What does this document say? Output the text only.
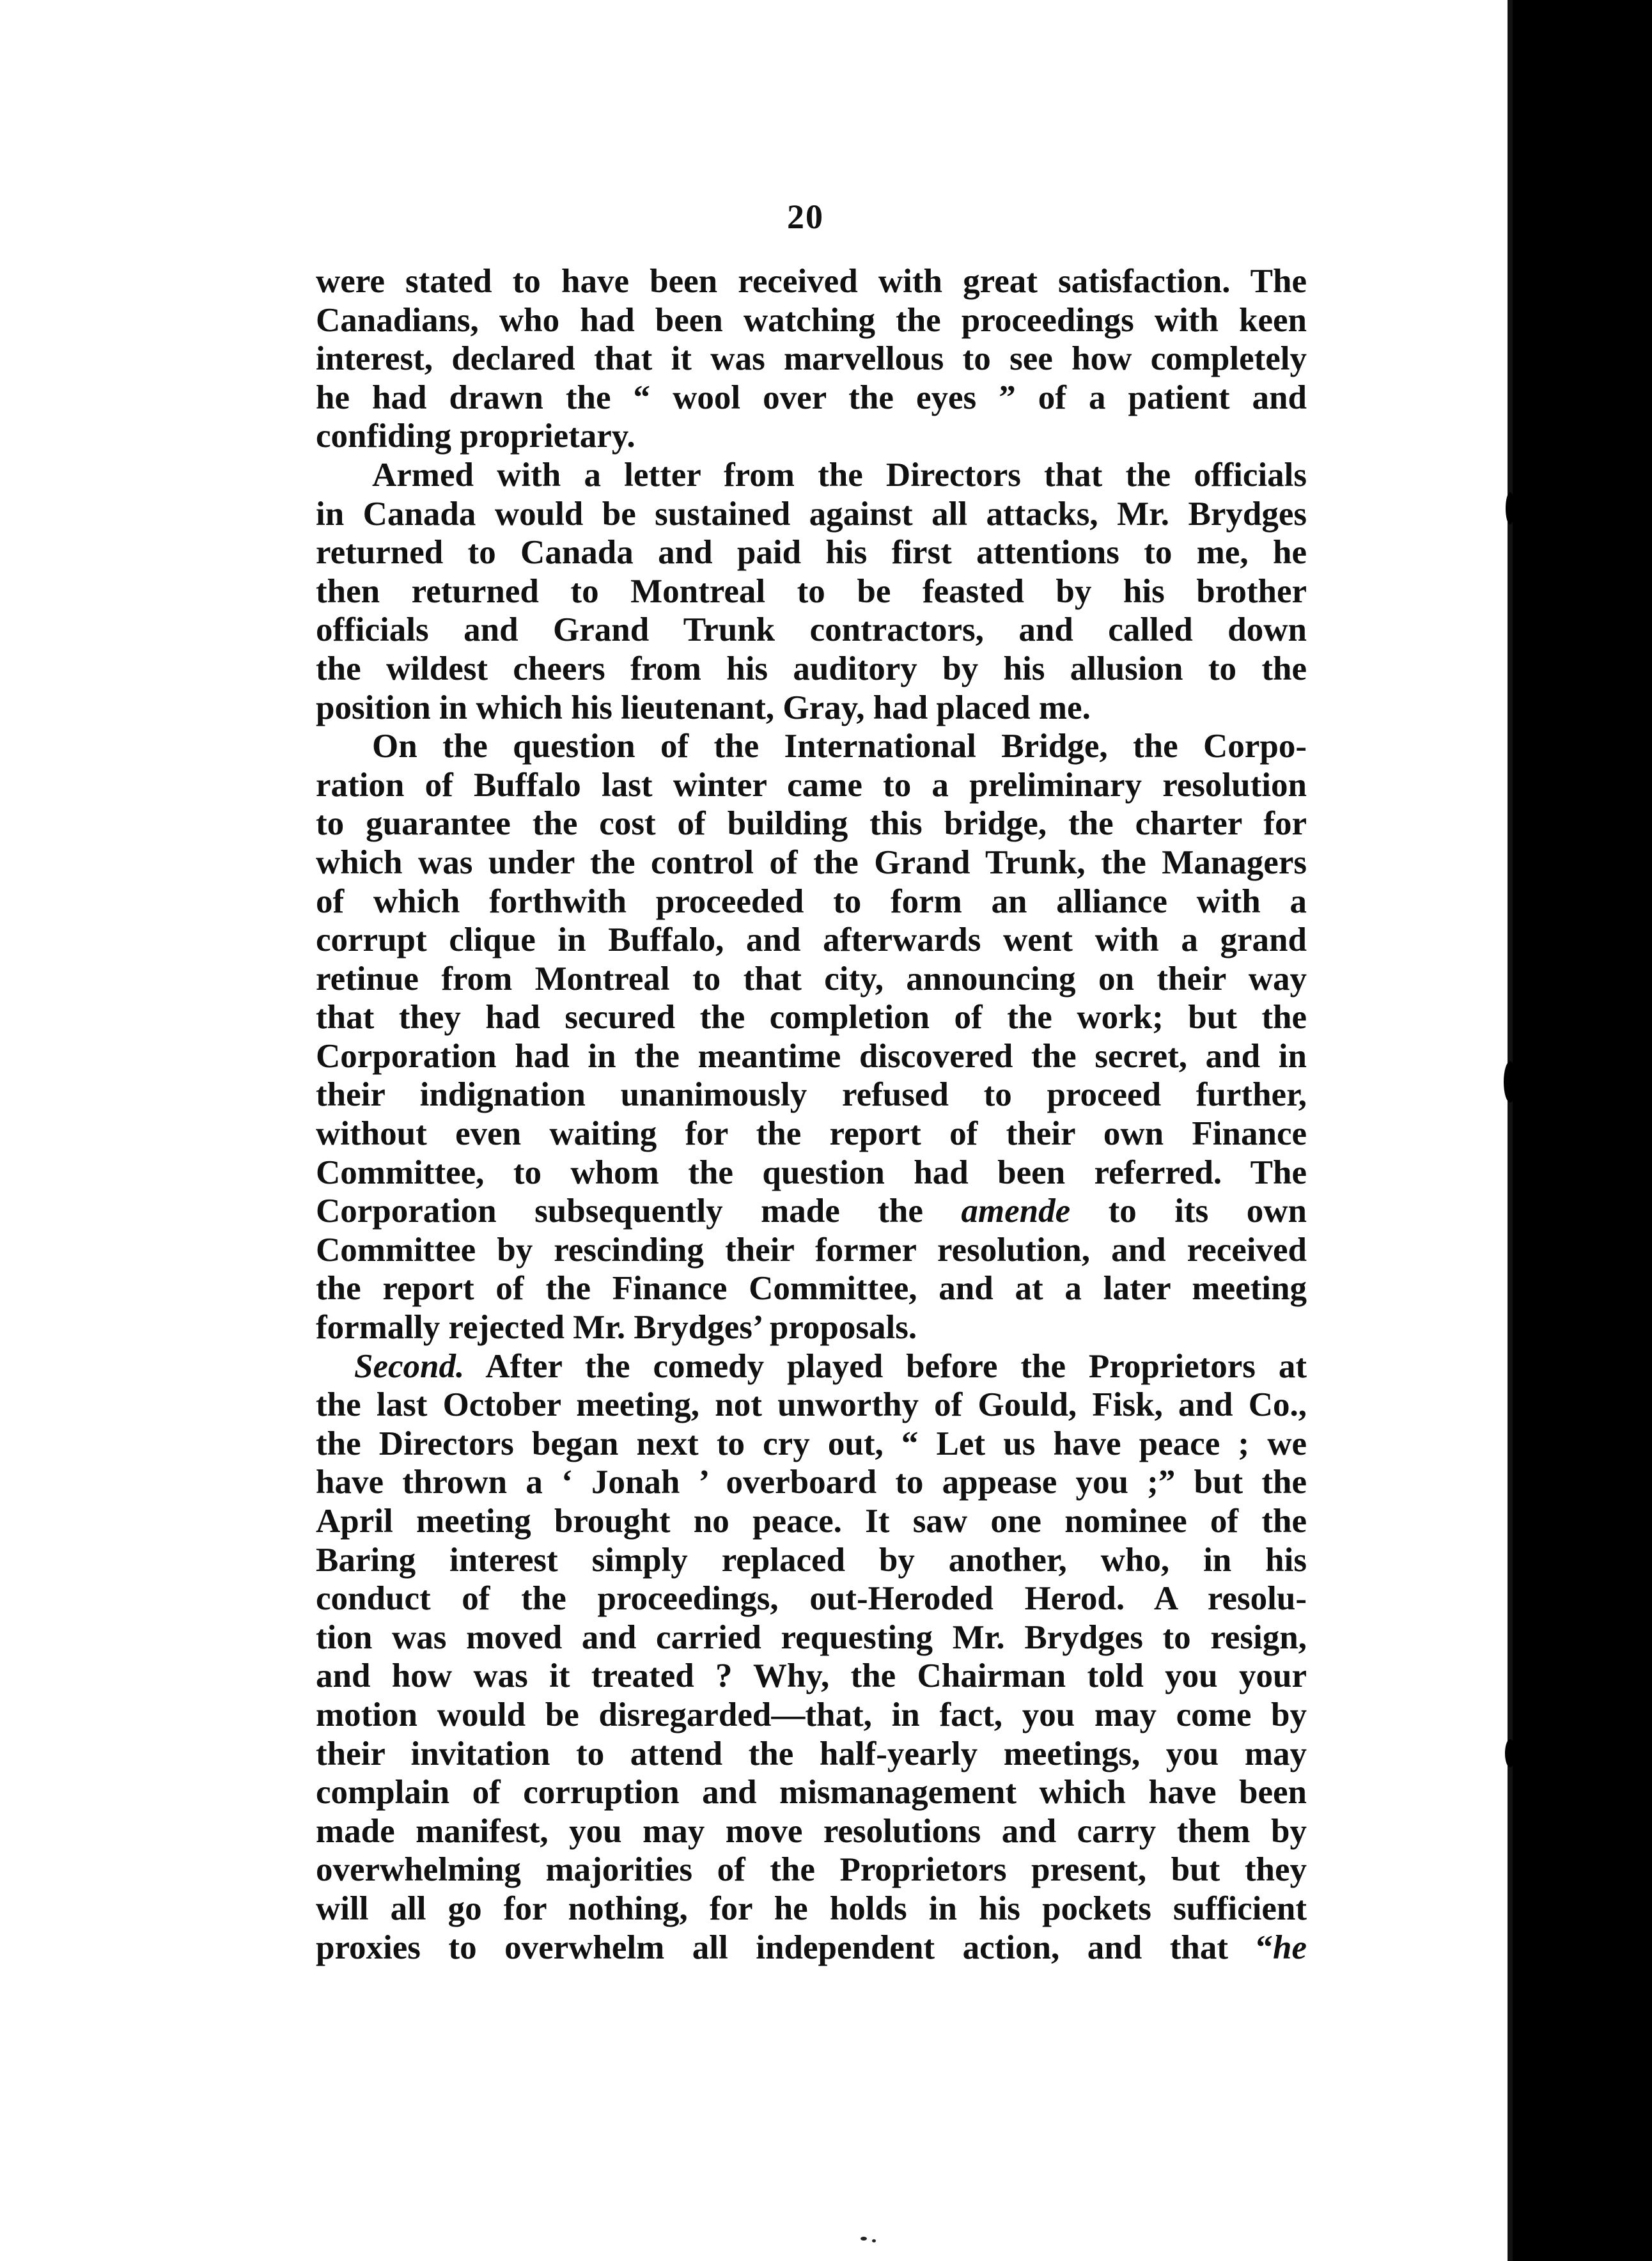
20
were stated to have been received with great satisfaction. The
Canadians, who had been watching the proceedings with keen
interest, declared that it was marvellous to see how completely
he had drawn the “ wool over the eyes ” of a patient and
confiding proprietary.
Armed with a letter from the Directors that the officials
in Canada would be sustained against all attacks, Mr. Brydges
returned to Canada and paid his first attentions to me, he
then returned to Montreal to be feasted by his brother
officials and Grand Trunk contractors, and called down
the wildest cheers from his auditory by his allusion to the
position in which his lieutenant, Gray, had placed me.
On the question of the International Bridge, the Corpo-
ration of Buffalo last winter came to a preliminary resolution
to guarantee the cost of building this bridge, the charter for
which was under the control of the Grand Trunk, the Managers
of which forthwith proceeded to form an alliance with a
corrupt clique in Buffalo, and afterwards went with a grand
retinue from Montreal to that city, announcing on their way
that they had secured the completion of the work; but the
Corporation had in the meantime discovered the secret, and in
their indignation unanimously refused to proceed further,
without even waiting for the report of their own Finance
Committee, to whom the question had been referred. The
Corporation subsequently made the amende to its own
Committee by rescinding their former resolution, and received
the report of the Finance Committee, and at a later meeting
formally rejected Mr. Brydges’ proposals.
Second. After the comedy played before the Proprietors at
the last October meeting, not unworthy of Gould, Fisk, and Co.,
the Directors began next to cry out, “ Let us have peace ; we
have thrown a ‘ Jonah ’ overboard to appease you ;” but the
April meeting brought no peace. It saw one nominee of the
Baring interest simply replaced by another, who, in his
conduct of the proceedings, out-Heroded Herod. A resolu-
tion was moved and carried requesting Mr. Brydges to resign,
and how was it treated ? Why, the Chairman told you your
motion would be disregarded—that, in fact, you may come by
their invitation to attend the half-yearly meetings, you may
complain of corruption and mismanagement which have been
made manifest, you may move resolutions and carry them by
overwhelming majorities of the Proprietors present, but they
will all go for nothing, for he holds in his pockets sufficient
proxies to overwhelm all independent action, and that “he
